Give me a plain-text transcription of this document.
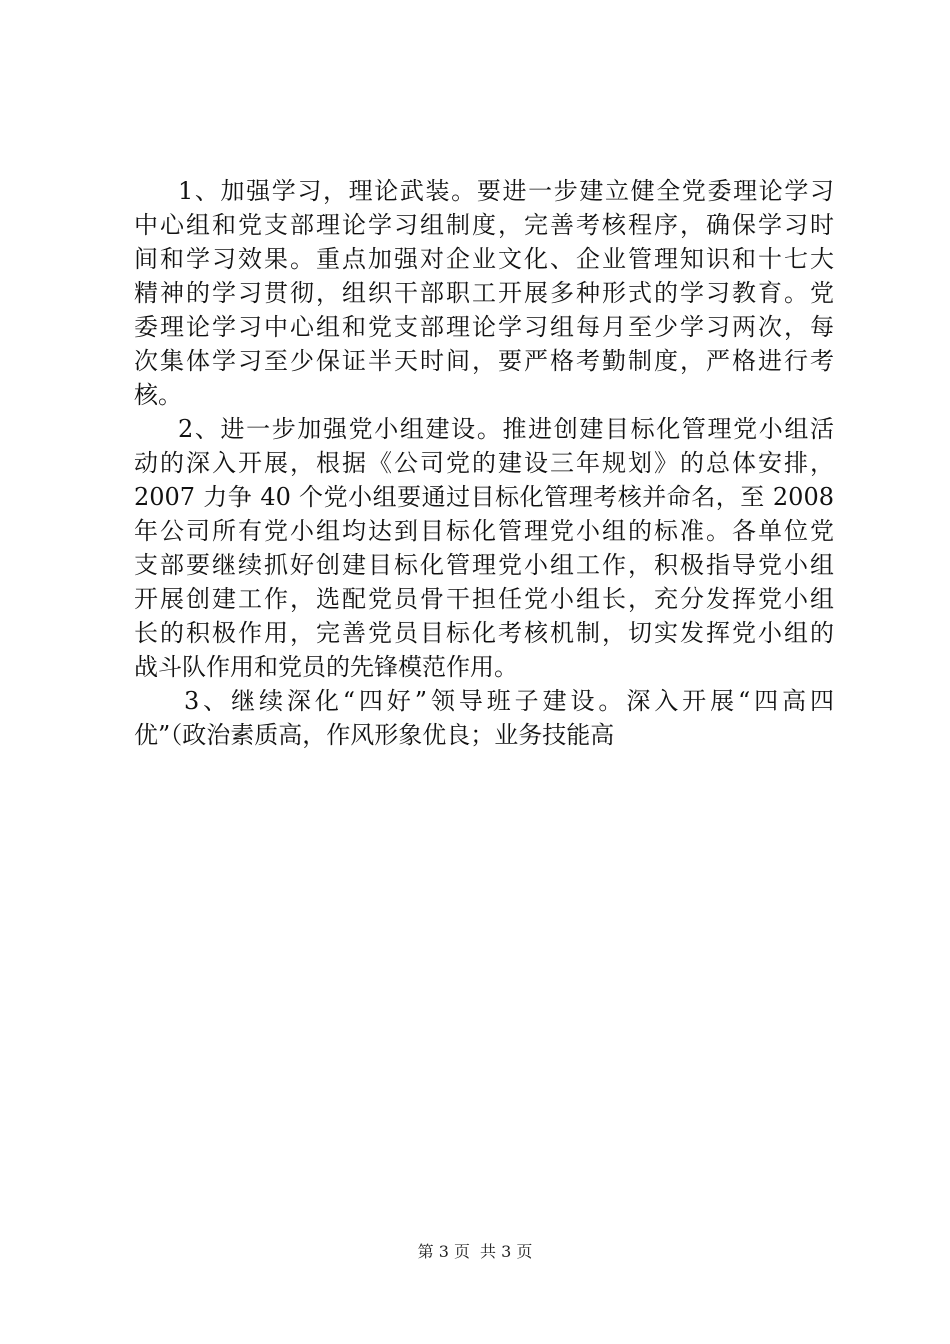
1、加强学习，理论武装。要进一步建立健全党委理论学习
中心组和党支部理论学习组制度，完善考核程序，确保学习时
间和学习效果。重点加强对企业文化、企业管理知识和十七大
精神的学习贯彻，组织干部职工开展多种形式的学习教育。党
委理论学习中心组和党支部理论学习组每月至少学习两次，每
次集体学习至少保证半天时间，要严格考勤制度，严格进行考
核。
2、进一步加强党小组建设。推进创建目标化管理党小组活
动的深入开展，根据《公司党的建设三年规划》的总体安排，
2007 力争 40 个党小组要通过目标化管理考核并命名，至 2008
年公司所有党小组均达到目标化管理党小组的标准。各单位党
支部要继续抓好创建目标化管理党小组工作，积极指导党小组
开展创建工作，选配党员骨干担任党小组长，充分发挥党小组
长的积极作用，完善党员目标化考核机制，切实发挥党小组的
战斗队作用和党员的先锋模范作用。
3、继续深化“四好”领导班子建设。深入开展“四高四
优”（政治素质高，作风形象优良；业务技能高
第 3 页 共 3 页
